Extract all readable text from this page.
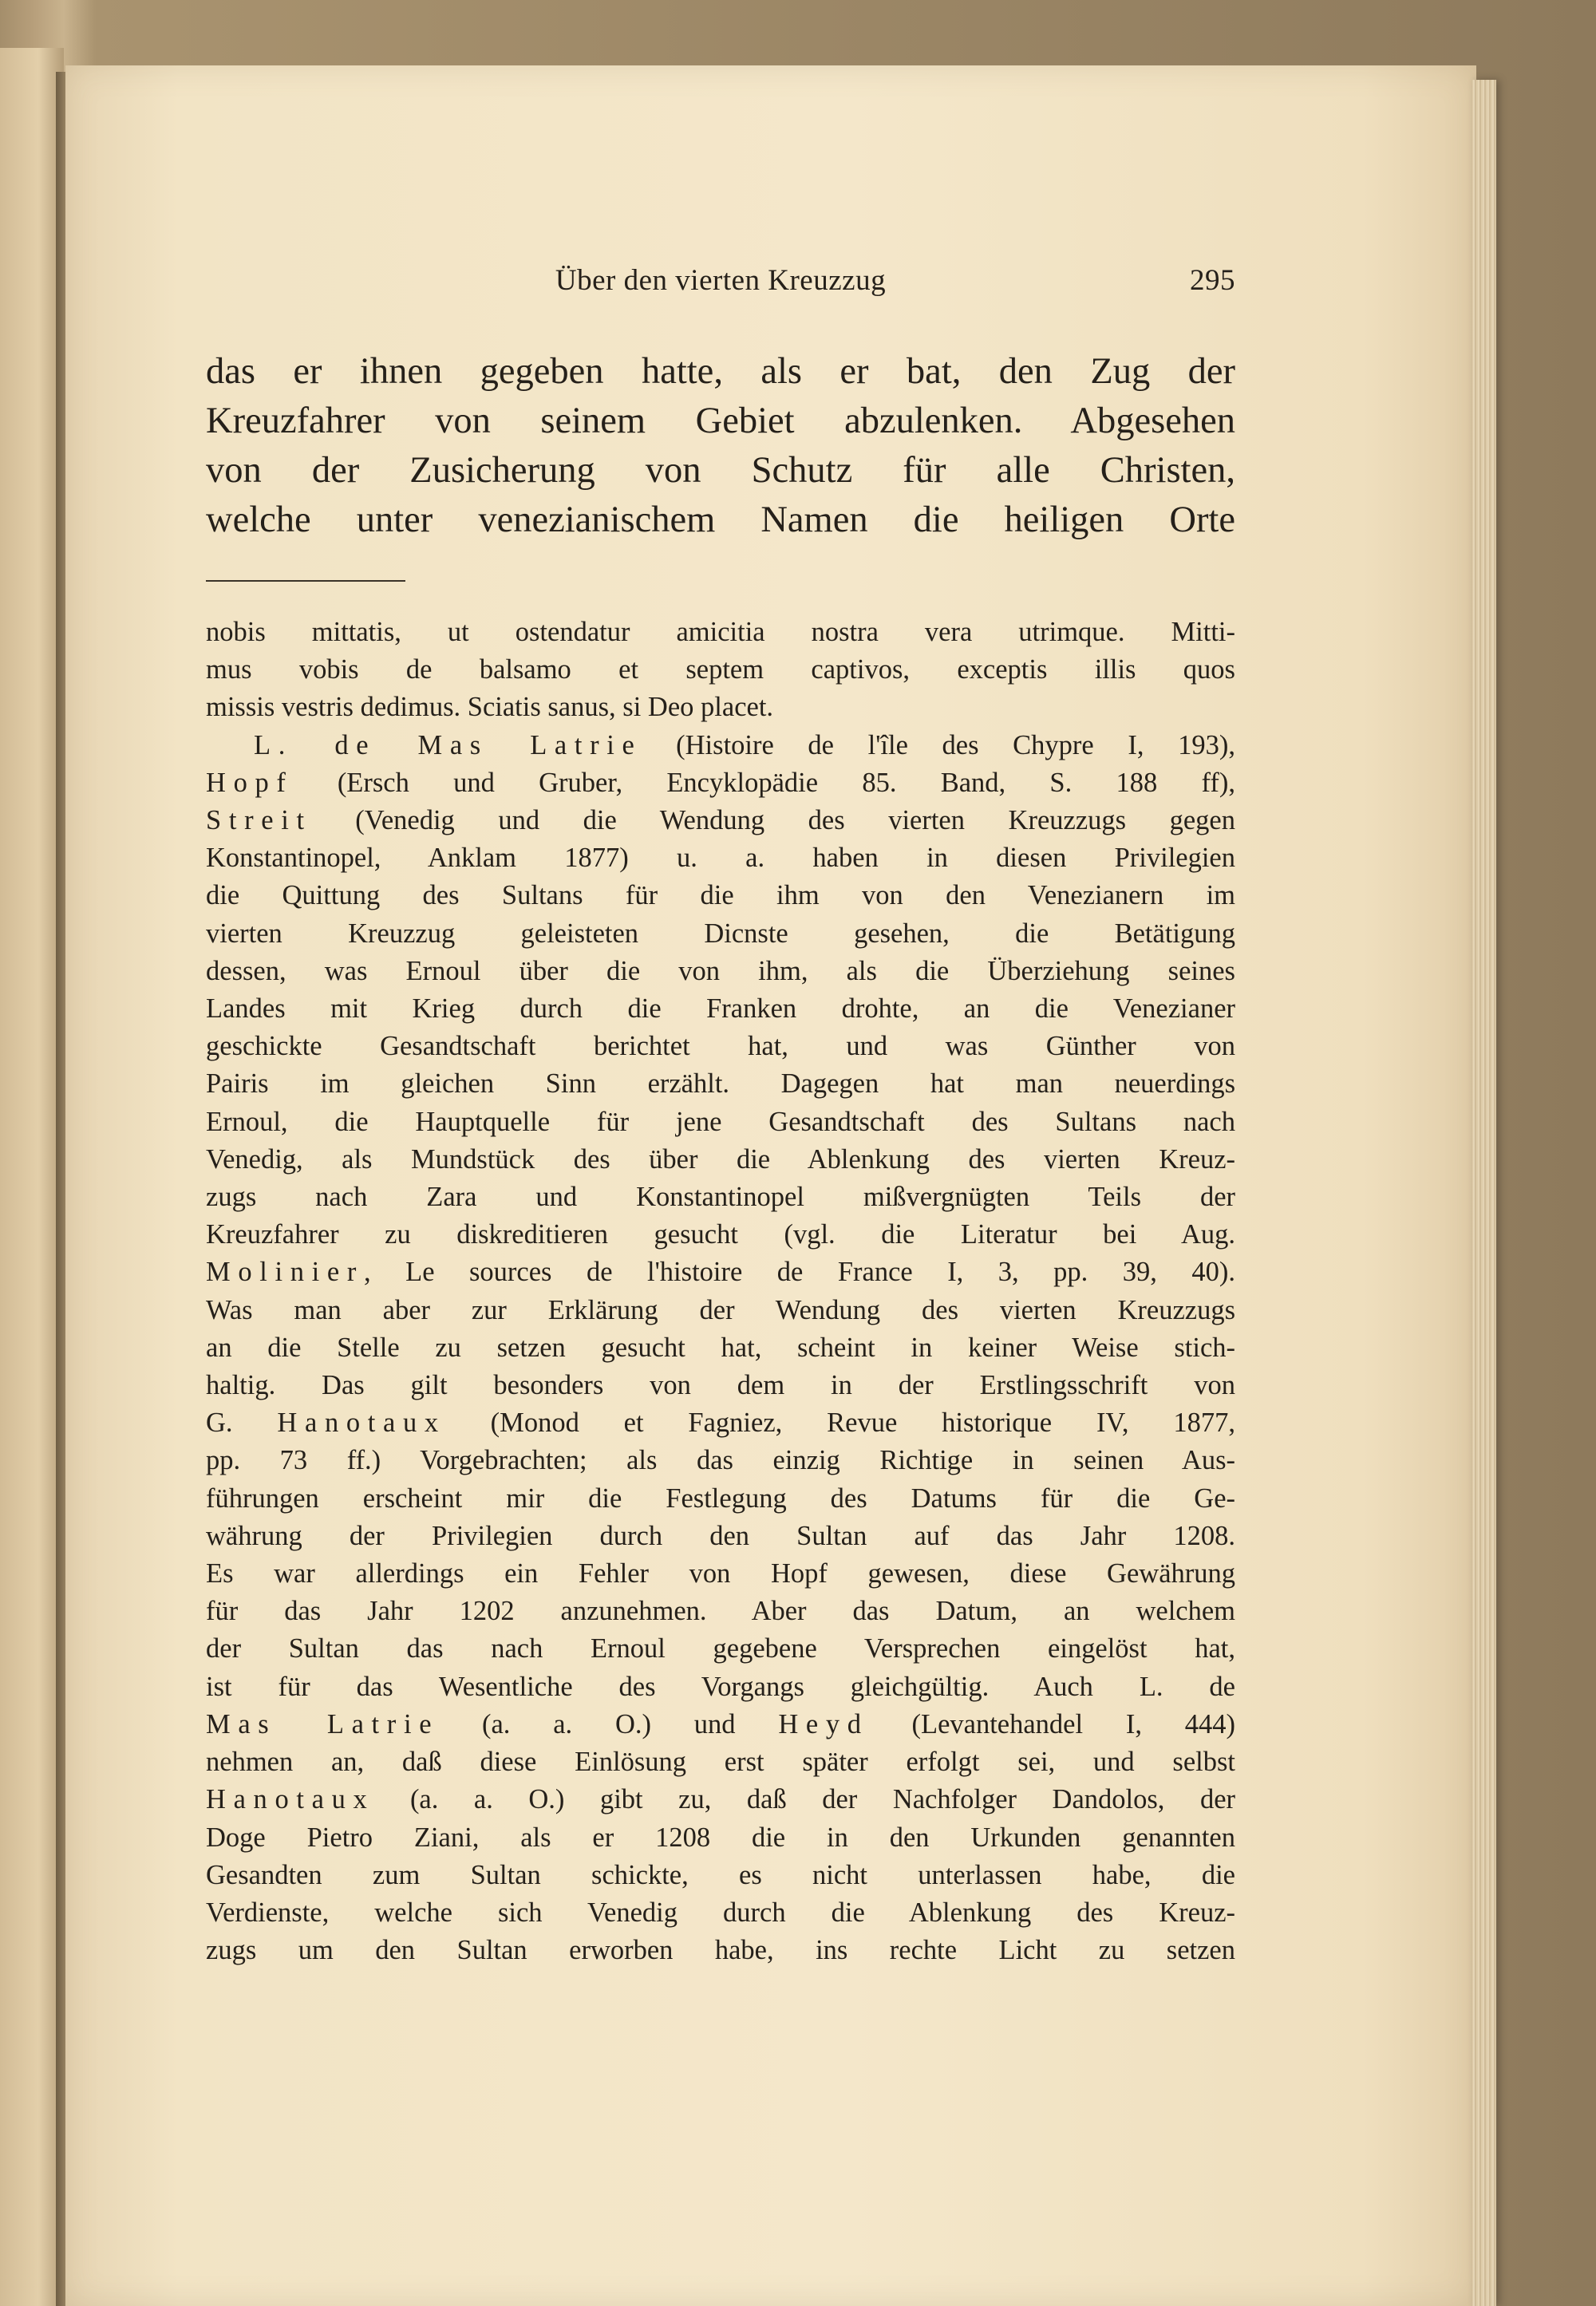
Über den vierten Kreuzzug	295
das er ihnen gegeben hatte, als er bat, den Zug der
Kreuzfahrer von seinem Gebiet abzulenken. Abgesehen
von der Zusicherung von Schutz für alle Christen,
welche unter venezianischem Namen die heiligen Orte
nobis mittatis, ut ostendatur amicitia nostra vera utrimque. Mitti-
mus vobis de balsamo et septem captivos, exceptis illis quos
missis vestris dedimus. Sciatis sanus, si Deo placet.
L. de Mas Latrie (Histoire de l'île des Chypre I, 193),
Hopf (Ersch und Gruber, Encyklopädie 85. Band, S. 188 ff),
Streit (Venedig und die Wendung des vierten Kreuzzugs gegen
Konstantinopel, Anklam 1877) u. a. haben in diesen Privilegien
die Quittung des Sultans für die ihm von den Venezianern im
vierten Kreuzzug geleisteten Dicnste gesehen, die Betätigung
dessen, was Ernoul über die von ihm, als die Überziehung seines
Landes mit Krieg durch die Franken drohte, an die Venezianer
geschickte Gesandtschaft berichtet hat, und was Günther von
Pairis im gleichen Sinn erzählt. Dagegen hat man neuerdings
Ernoul, die Hauptquelle für jene Gesandtschaft des Sultans nach
Venedig, als Mundstück des über die Ablenkung des vierten Kreuz-
zugs nach Zara und Konstantinopel mißvergnügten Teils der
Kreuzfahrer zu diskreditieren gesucht (vgl. die Literatur bei Aug.
Molinier, Le sources de l'histoire de France I, 3, pp. 39, 40).
Was man aber zur Erklärung der Wendung des vierten Kreuzzugs
an die Stelle zu setzen gesucht hat, scheint in keiner Weise stich-
haltig. Das gilt besonders von dem in der Erstlingsschrift von
G. Hanotaux (Monod et Fagniez, Revue historique IV, 1877,
pp. 73 ff.) Vorgebrachten; als das einzig Richtige in seinen Aus-
führungen erscheint mir die Festlegung des Datums für die Ge-
währung der Privilegien durch den Sultan auf das Jahr 1208.
Es war allerdings ein Fehler von Hopf gewesen, diese Gewährung
für das Jahr 1202 anzunehmen. Aber das Datum, an welchem
der Sultan das nach Ernoul gegebene Versprechen eingelöst hat,
ist für das Wesentliche des Vorgangs gleichgültig. Auch L. de
Mas Latrie (a. a. O.) und Heyd (Levantehandel I, 444)
nehmen an, daß diese Einlösung erst später erfolgt sei, und selbst
Hanotaux (a. a. O.) gibt zu, daß der Nachfolger Dandolos, der
Doge Pietro Ziani, als er 1208 die in den Urkunden genannten
Gesandten zum Sultan schickte, es nicht unterlassen habe, die
Verdienste, welche sich Venedig durch die Ablenkung des Kreuz-
zugs um den Sultan erworben habe, ins rechte Licht zu setzen
